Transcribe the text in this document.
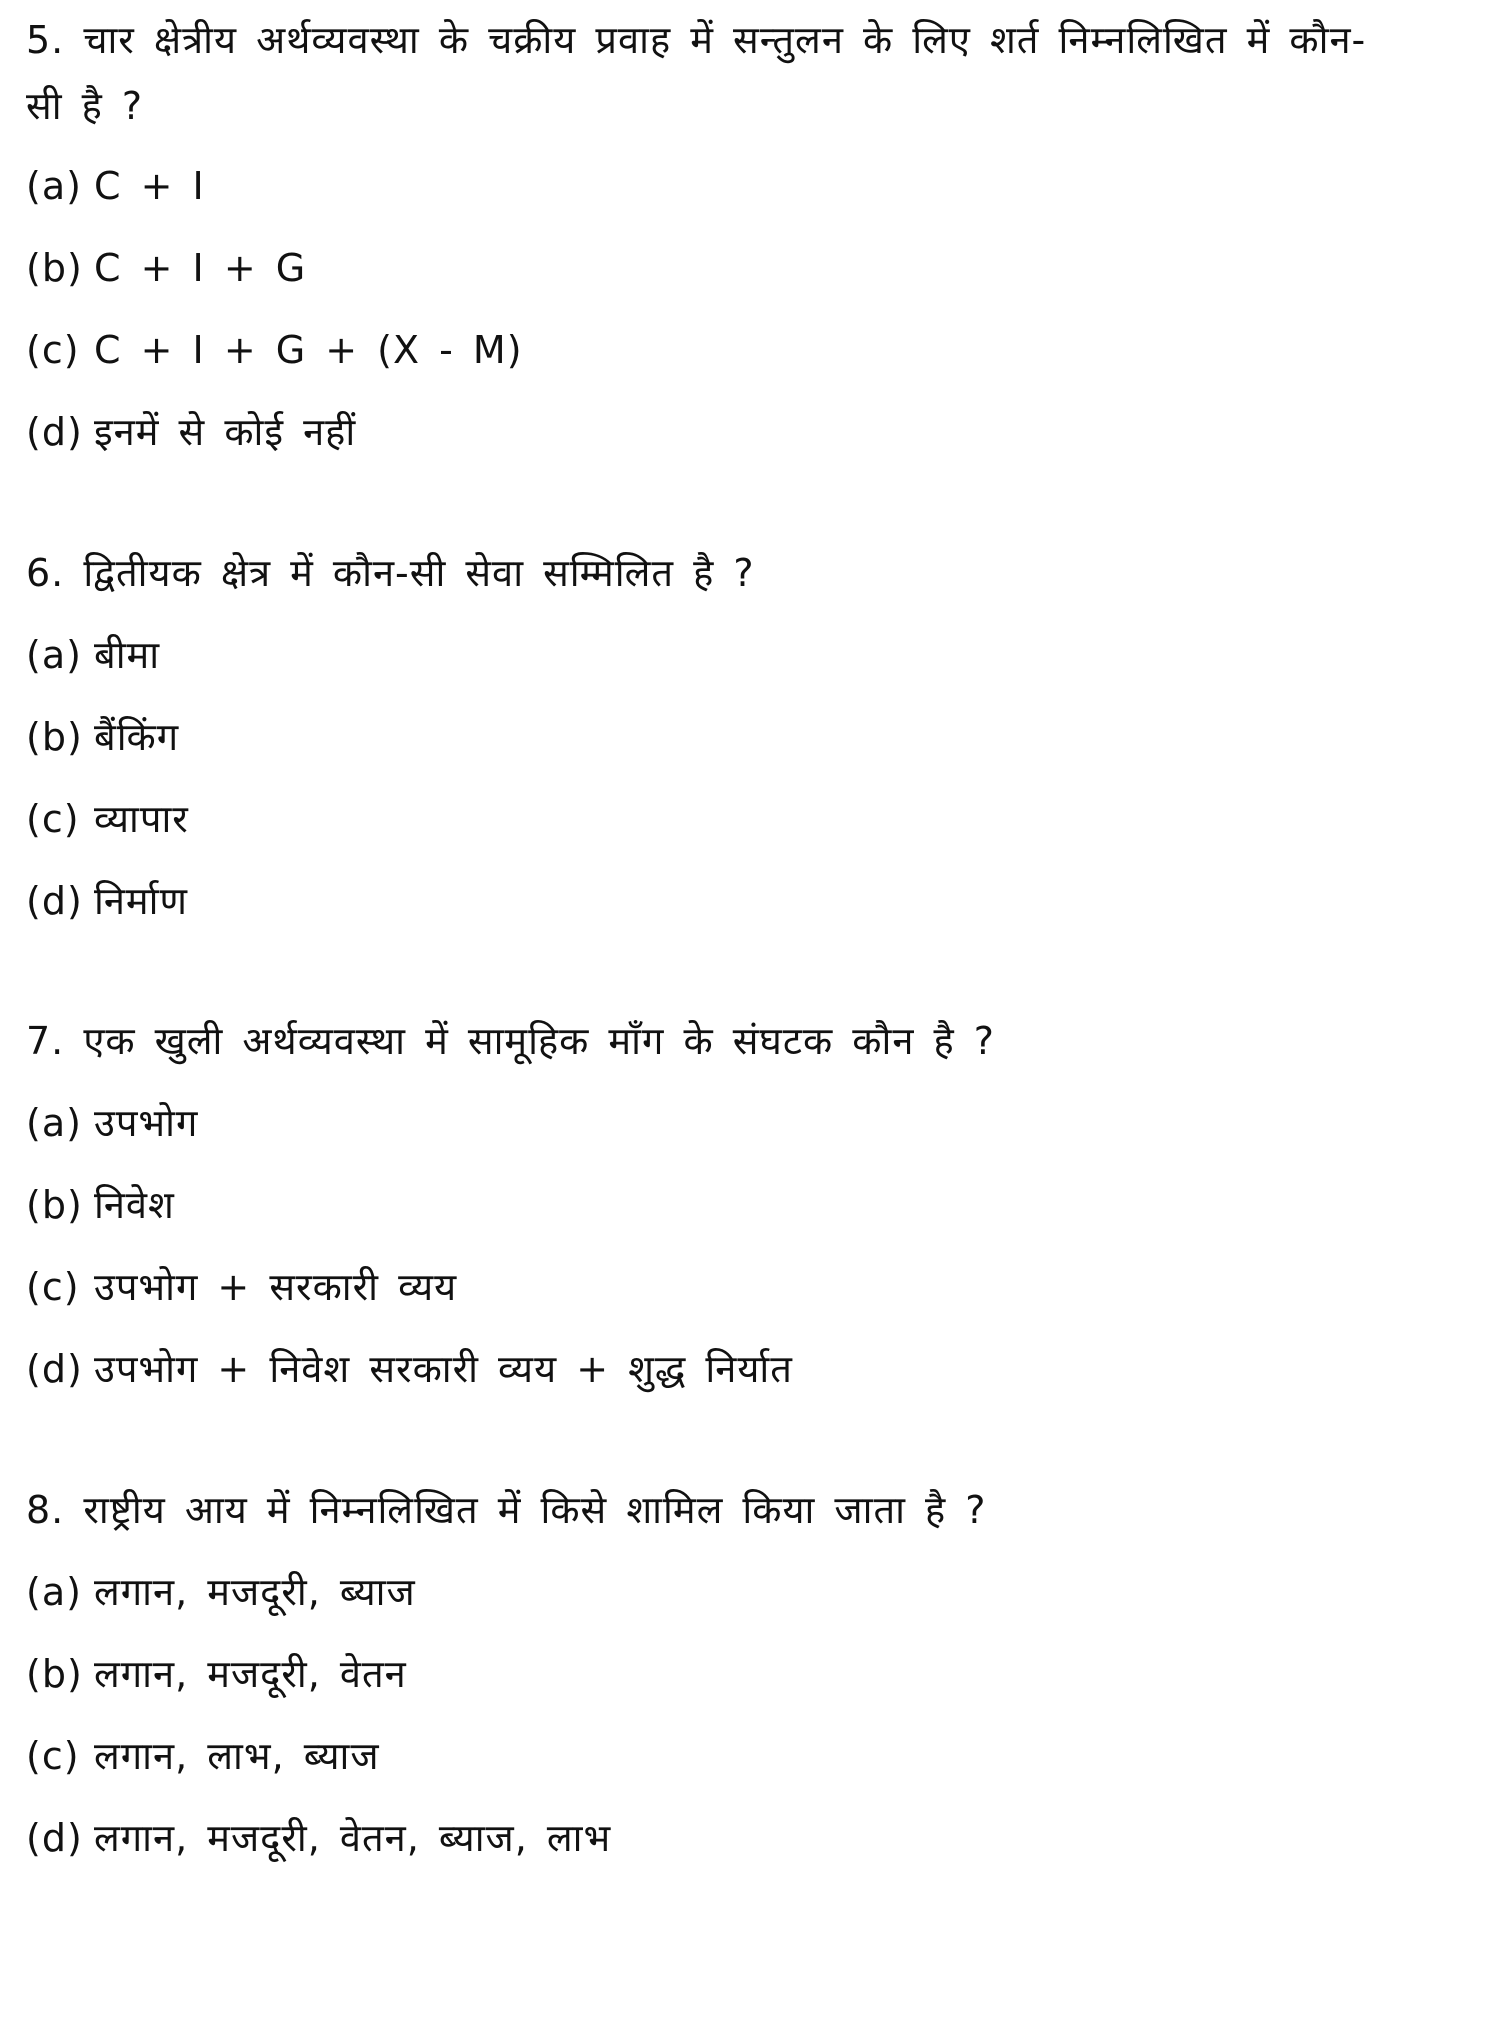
5. चार क्षेत्रीय अर्थव्यवस्था के चक्रीय प्रवाह में सन्तुलन के लिए शर्त निम्नलिखित में कौन-
सी है ?
(a) C + I
(b) C + I + G
(c) C + I + G + (X - M)
(d) इनमें से कोई नहीं
6. द्वितीयक क्षेत्र में कौन-सी सेवा सम्मिलित है ?
(a) बीमा
(b) बैंकिंग
(c) व्यापार
(d) निर्माण
7. एक खुली अर्थव्यवस्था में सामूहिक माँग के संघटक कौन है ?
(a) उपभोग
(b) निवेश
(c) उपभोग + सरकारी व्यय
(d) उपभोग + निवेश सरकारी व्यय + शुद्ध निर्यात
8. राष्ट्रीय आय में निम्नलिखित में किसे शामिल किया जाता है ?
(a) लगान, मजदूरी, ब्याज
(b) लगान, मजदूरी, वेतन
(c) लगान, लाभ, ब्याज
(d) लगान, मजदूरी, वेतन, ब्याज, लाभ
